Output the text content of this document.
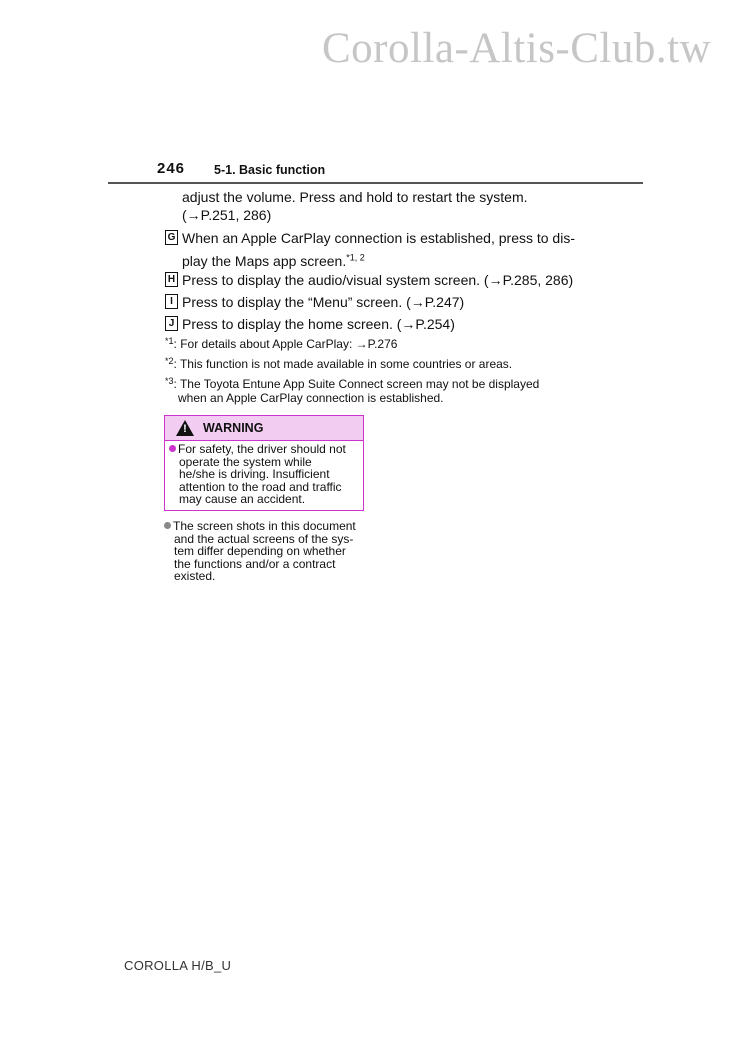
Corolla-Altis-Club.tw
246 5-1. Basic function
adjust the volume. Press and hold to restart the system.
(→P.251, 286)
G When an Apple CarPlay connection is established, press to dis-
play the Maps app screen.$^{*1, 2}$
H Press to display the audio/visual system screen. (→P.285, 286)
I Press to display the “Menu” screen. (→P.247)
J Press to display the home screen. (→P.254)
$^{*1}$: For details about Apple CarPlay: →P.276
$^{*2}$: This function is not made available in some countries or areas.
$^{*3}$: The Toyota Entune App Suite Connect screen may not be displayed
when an Apple CarPlay connection is established.
! WARNING
For safety, the driver should not
operate the system while
he/she is driving. Insufficient
attention to the road and traffic
may cause an accident.
The screen shots in this document
and the actual screens of the sys-
tem differ depending on whether
the functions and/or a contract
existed.
COROLLA H/B_U
